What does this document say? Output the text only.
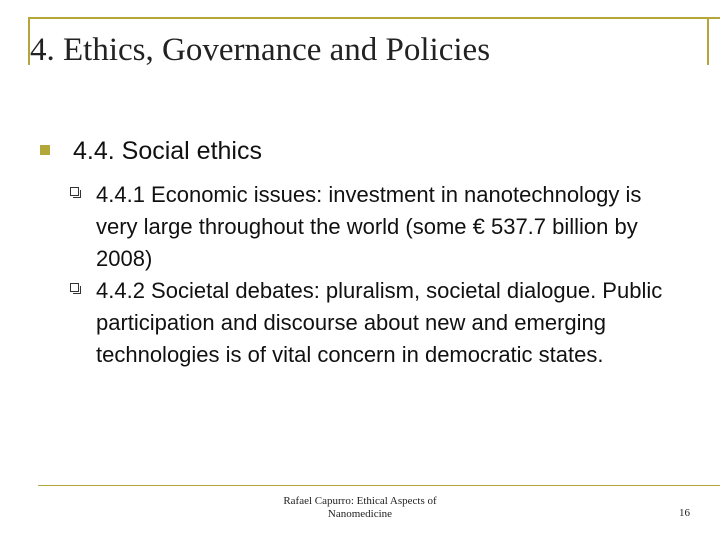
4. Ethics, Governance and Policies
4.4. Social ethics
4.4.1 Economic issues: investment in nanotechnology is very large throughout the world (some € 537.7 billion by 2008)
4.4.2 Societal debates: pluralism, societal dialogue. Public participation and discourse about new and emerging technologies is of vital concern in democratic states.
Rafael Capurro: Ethical Aspects of
Nanomedicine	16
